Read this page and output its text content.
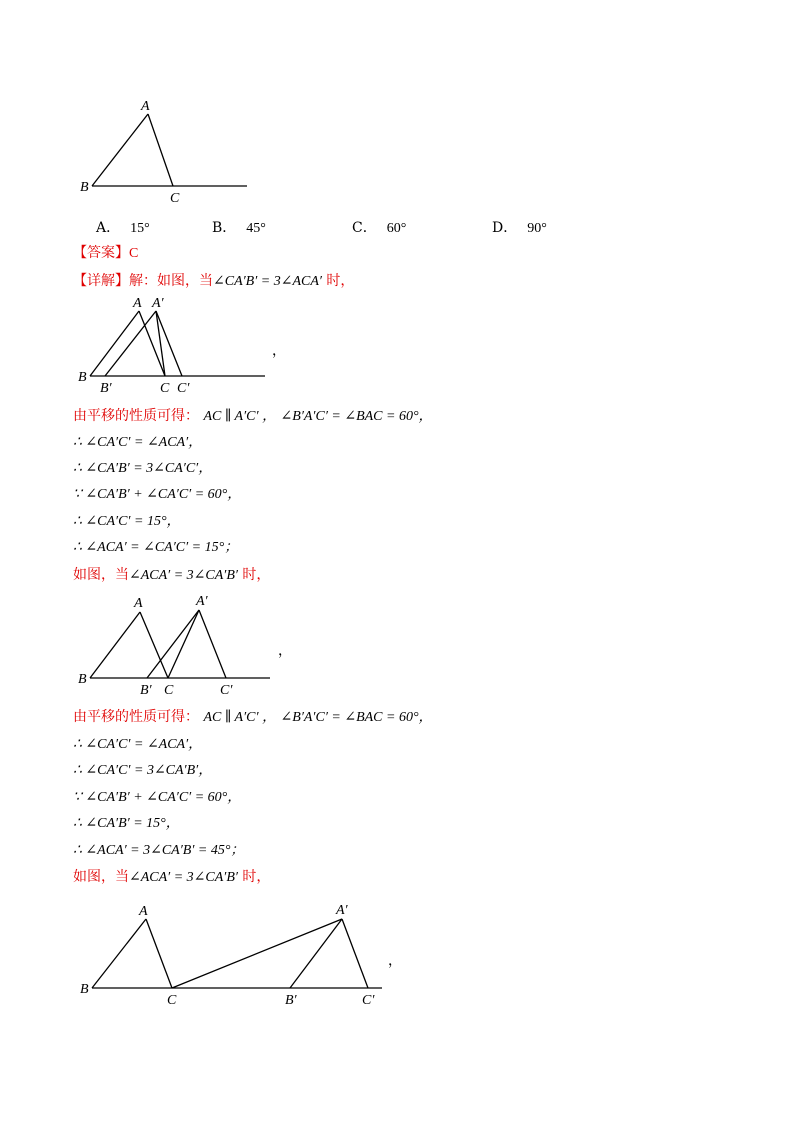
A
B
C
A A′
B
B′	C C′
A	A′
B
B′ C	C′
A	A′
B
B′
C	C′
，
，
，
A． 15°	B． 45°	C． 60°	D． 90°
【答案】C
【详解】解：如图，当∠CA′B′ = 3∠ACA′ 时，
由平移的性质可得： AC ∥ A′C′ ， ∠B′A′C′ = ∠BAC = 60°，
∴ ∠CA′C′ = ∠ACA′，
∴ ∠CA′B′ = 3∠CA′C′，
∵ ∠CA′B′ + ∠CA′C′ = 60°，
∴ ∠CA′C′ = 15°，
∴ ∠ACA′ = ∠CA′C′ = 15°；
如图，当∠ACA′ = 3∠CA′B′ 时，
由平移的性质可得： AC ∥ A′C′ ， ∠B′A′C′ = ∠BAC = 60°，
∴ ∠CA′C′ = ∠ACA′，
∴ ∠CA′C′ = 3∠CA′B′，
∵ ∠CA′B′ + ∠CA′C′ = 60°，
∴ ∠CA′B′ = 15°，
∴ ∠ACA′ = 3∠CA′B′ = 45°；
如图，当∠ACA′ = 3∠CA′B′ 时，
